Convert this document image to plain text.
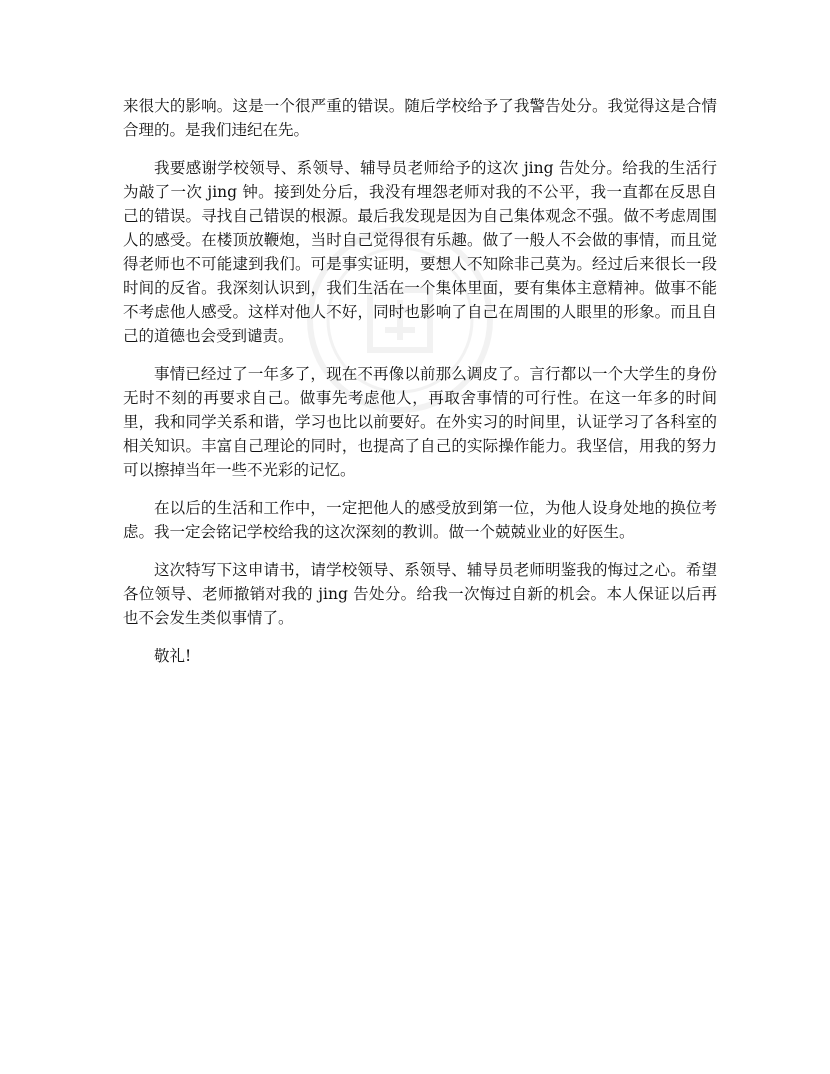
来很大的影响。这是一个很严重的错误。随后学校给予了我警告处分。我觉得这是合情合理的。是我们违纪在先。

我要感谢学校领导、系领导、辅导员老师给予的这次 jing 告处分。给我的生活行为敲了一次 jing 钟。接到处分后，我没有埋怨老师对我的不公平，我一直都在反思自己的错误。寻找自己错误的根源。最后我发现是因为自己集体观念不强。做不考虑周围人的感受。在楼顶放鞭炮，当时自己觉得很有乐趣。做了一般人不会做的事情，而且觉得老师也不可能逮到我们。可是事实证明，要想人不知除非己莫为。经过后来很长一段时间的反省。我深刻认识到，我们生活在一个集体里面，要有集体主意精神。做事不能不考虑他人感受。这样对他人不好，同时也影响了自己在周围的人眼里的形象。而且自己的道德也会受到谴责。

事情已经过了一年多了，现在不再像以前那么调皮了。言行都以一个大学生的身份无时不刻的再要求自己。做事先考虑他人，再取舍事情的可行性。在这一年多的时间里，我和同学关系和谐，学习也比以前要好。在外实习的时间里，认证学习了各科室的相关知识。丰富自己理论的同时，也提高了自己的实际操作能力。我坚信，用我的努力可以擦掉当年一些不光彩的记忆。

在以后的生活和工作中，一定把他人的感受放到第一位，为他人设身处地的换位考虑。我一定会铭记学校给我的这次深刻的教训。做一个兢兢业业的好医生。

这次特写下这申请书，请学校领导、系领导、辅导员老师明鉴我的悔过之心。希望各位领导、老师撤销对我的 jing 告处分。给我一次悔过自新的机会。本人保证以后再也不会发生类似事情了。

敬礼!
